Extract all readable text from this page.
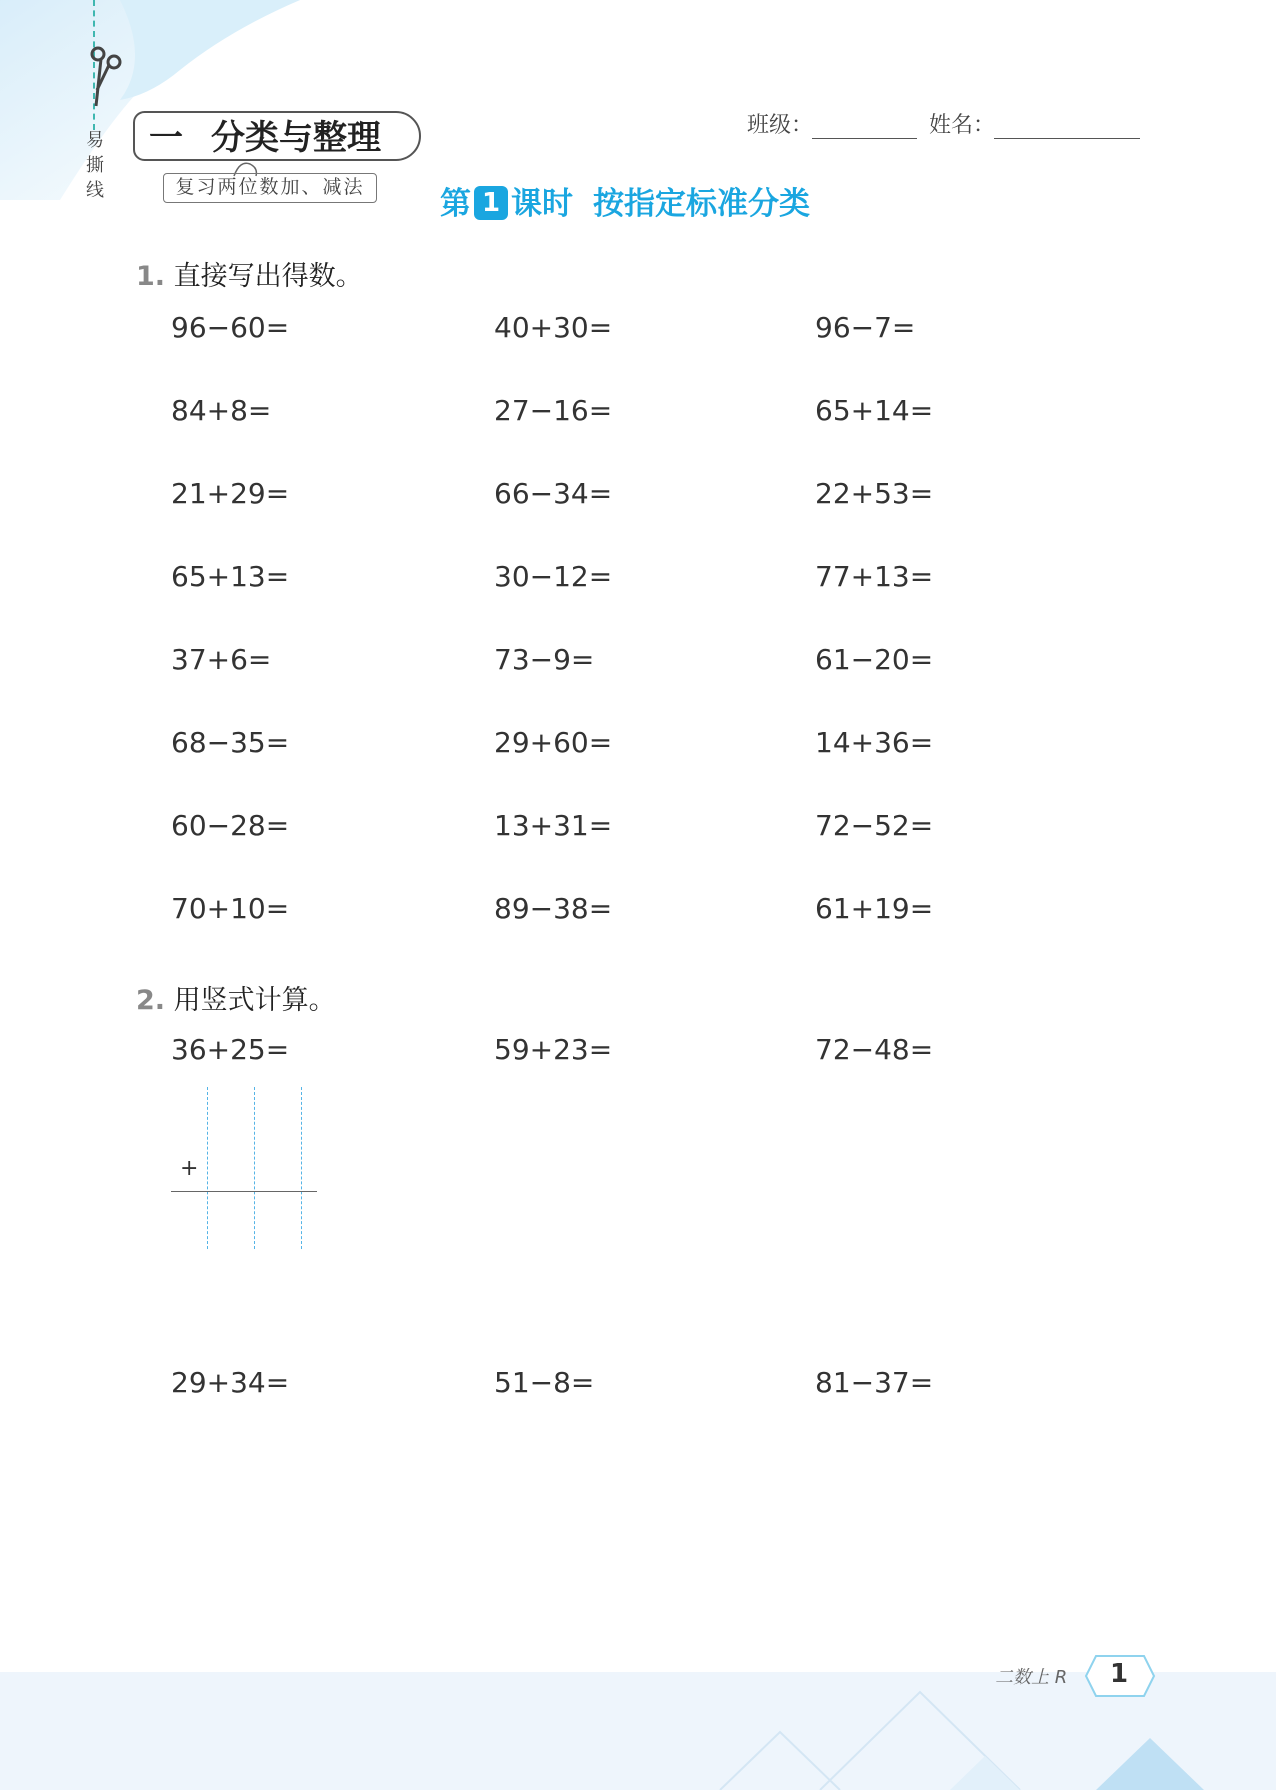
易撕线
一 分类与整理
复习两位数加、减法
班级：	姓名：
第 1 课时 按指定标准分类
1. 直接写出得数。
96−60=	40+30=	96−7=
84+8=	27−16=	65+14=
21+29=	66−34=	22+53=
65+13=	30−12=	77+13=
37+6=	73−9=	61−20=
68−35=	29+60=	14+36=
60−28=	13+31=	72−52=
70+10=	89−38=	61+19=
2. 用竖式计算。
36+25=	59+23=	72−48=
+
29+34=	51−8=	81−37=
二数上 R 1
